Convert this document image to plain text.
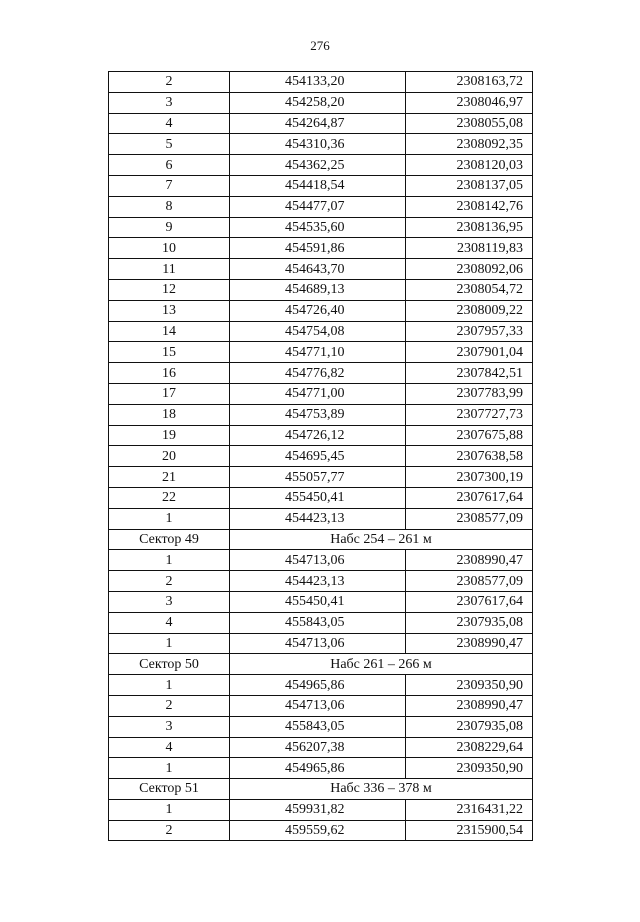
276
2	454133,20	2308163,72
3	454258,20	2308046,97
4	454264,87	2308055,08
5	454310,36	2308092,35
6	454362,25	2308120,03
7	454418,54	2308137,05
8	454477,07	2308142,76
9	454535,60	2308136,95
10	454591,86	2308119,83
11	454643,70	2308092,06
12	454689,13	2308054,72
13	454726,40	2308009,22
14	454754,08	2307957,33
15	454771,10	2307901,04
16	454776,82	2307842,51
17	454771,00	2307783,99
18	454753,89	2307727,73
19	454726,12	2307675,88
20	454695,45	2307638,58
21	455057,77	2307300,19
22	455450,41	2307617,64
1	454423,13	2308577,09
Сектор 49	Набс 254 – 261 м	
1	454713,06	2308990,47
2	454423,13	2308577,09
3	455450,41	2307617,64
4	455843,05	2307935,08
1	454713,06	2308990,47
Сектор 50	Набс 261 – 266 м	
1	454965,86	2309350,90
2	454713,06	2308990,47
3	455843,05	2307935,08
4	456207,38	2308229,64
1	454965,86	2309350,90
Сектор 51	Набс 336 – 378 м	
1	459931,82	2316431,22
2	459559,62	2315900,54
